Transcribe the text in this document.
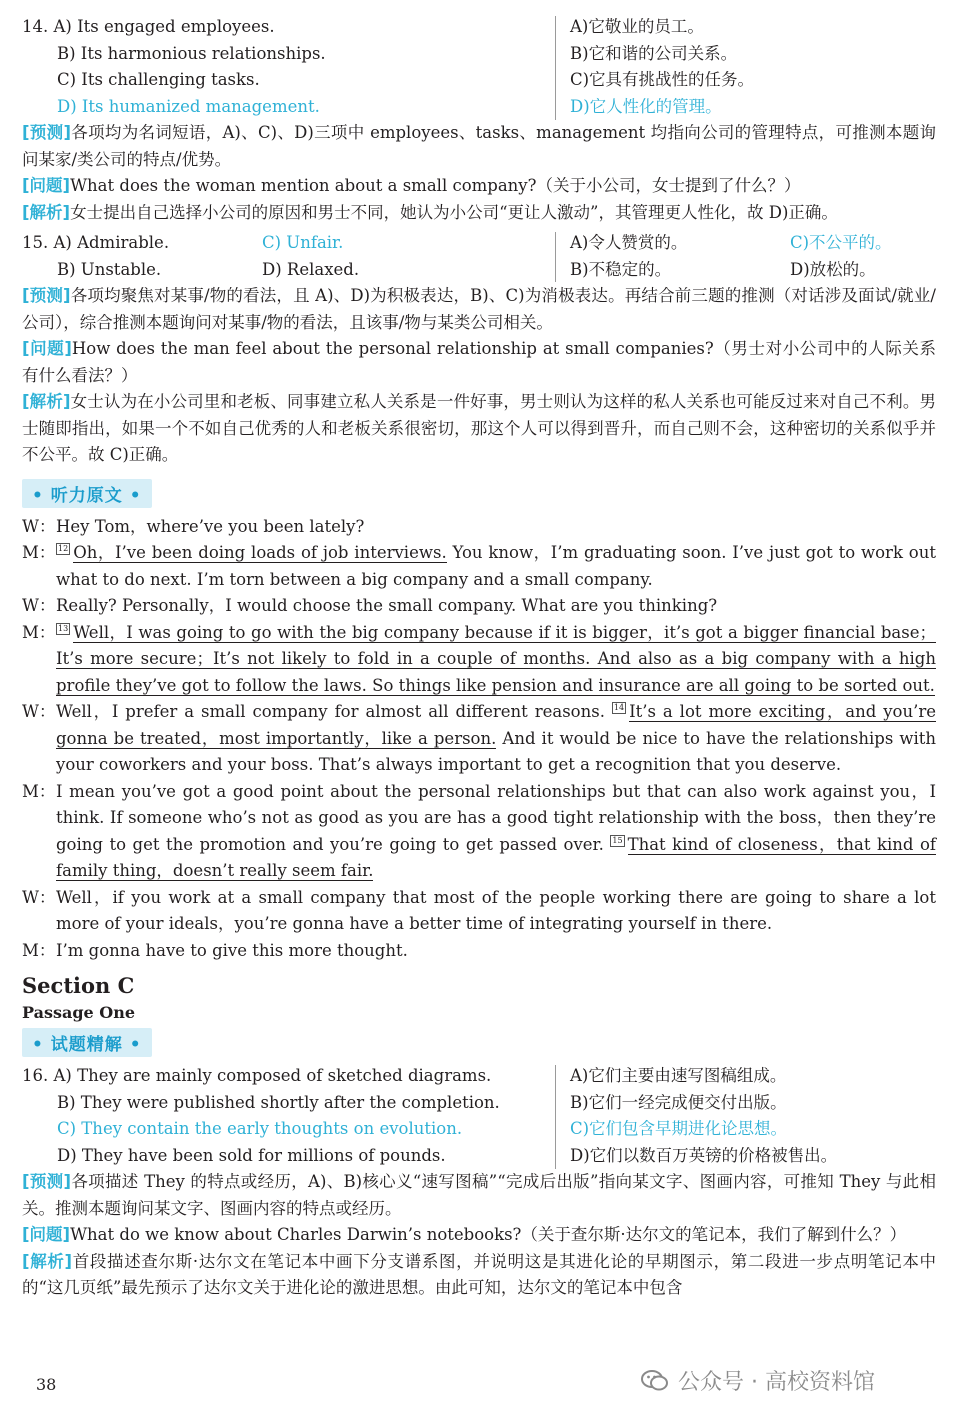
14. A) Its engaged employees.	A)它敬业的员工。
B) Its harmonious relationships.	B)它和谐的公司关系。
C) Its challenging tasks.	C)它具有挑战性的任务。
D) Its humanized management.	D)它人性化的管理。

[预测]各项均为名词短语，A)、C)、D)三项中 employees、tasks、management 均指向公司的管理特点，可推测本题询问某家/类公司的特点/优势。

[问题]What does the woman mention about a small company?（关于小公司，女士提到了什么？）

[解析]女士提出自己选择小公司的原因和男士不同，她认为小公司“更让人激动”，其管理更人性化，故 D)正确。

15. A) Admirable.	C) Unfair.	A)令人赞赏的。	C)不公平的。
B) Unstable.	D) Relaxed.	B)不稳定的。	D)放松的。

[预测]各项均聚焦对某事/物的看法，且 A)、D)为积极表达，B)、C)为消极表达。再结合前三题的推测（对话涉及面试/就业/公司），综合推测本题询问对某事/物的看法，且该事/物与某类公司相关。

[问题]How does the man feel about the personal relationship at small companies?（男士对小公司中的人际关系有什么看法？）

[解析]女士认为在小公司里和老板、同事建立私人关系是一件好事，男士则认为这样的私人关系也可能反过来对自己不利。男士随即指出，如果一个不如自己优秀的人和老板关系很密切，那这个人可以得到晋升，而自己则不会，这种密切的关系似乎并不公平。故 C)正确。

• 听力原文 •

W： Hey Tom，where’ve you been lately?

M： 12 Oh，I’ve been doing loads of job interviews. You know，I’m graduating soon. I’ve just got to work out what to do next. I’m torn between a big company and a small company.

W： Really? Personally，I would choose the small company. What are you thinking?

M： 13 Well，I was going to go with the big company because if it is bigger，it’s got a bigger financial base；It’s more secure；It’s not likely to fold in a couple of months. And also as a big company with a high profile they’ve got to follow the laws. So things like pension and insurance are all going to be sorted out.

W： Well，I prefer a small company for almost all different reasons. 14 It’s a lot more exciting，and you’re gonna be treated，most importantly，like a person. And it would be nice to have the relationships with your coworkers and your boss. That’s always important to get a recognition that you deserve.

M： I mean you’ve got a good point about the personal relationships but that can also work against you，I think. If someone who’s not as good as you are has a good tight relationship with the boss，then they’re going to get the promotion and you’re going to get passed over. 15 That kind of closeness，that kind of family thing，doesn’t really seem fair.

W： Well，if you work at a small company that most of the people working there are going to share a lot more of your ideals，you’re gonna have a better time of integrating yourself in there.

M： I’m gonna have to give this more thought.

Section C
Passage One
• 试题精解 •
16. A) They are mainly composed of sketched diagrams.	A)它们主要由速写图稿组成。
B) They were published shortly after the completion.	B)它们一经完成便交付出版。
C) They contain the early thoughts on evolution.	C)它们包含早期进化论思想。
D) They have been sold for millions of pounds.	D)它们以数百万英镑的价格被售出。

[预测]各项描述 They 的特点或经历，A)、B)核心义“速写图稿”“完成后出版”指向某文字、图画内容，可推知 They 与此相关。推测本题询问某文字、图画内容的特点或经历。

[问题]What do we know about Charles Darwin’s notebooks?（关于查尔斯·达尔文的笔记本，我们了解到什么？）

[解析]首段描述查尔斯·达尔文在笔记本中画下分支谱系图，并说明这是其进化论的早期图示，第二段进一步点明笔记本中的“这几页纸”最先预示了达尔文关于进化论的激进思想。由此可知，达尔文的笔记本中包含

38	公众号 · 高校资料馆
